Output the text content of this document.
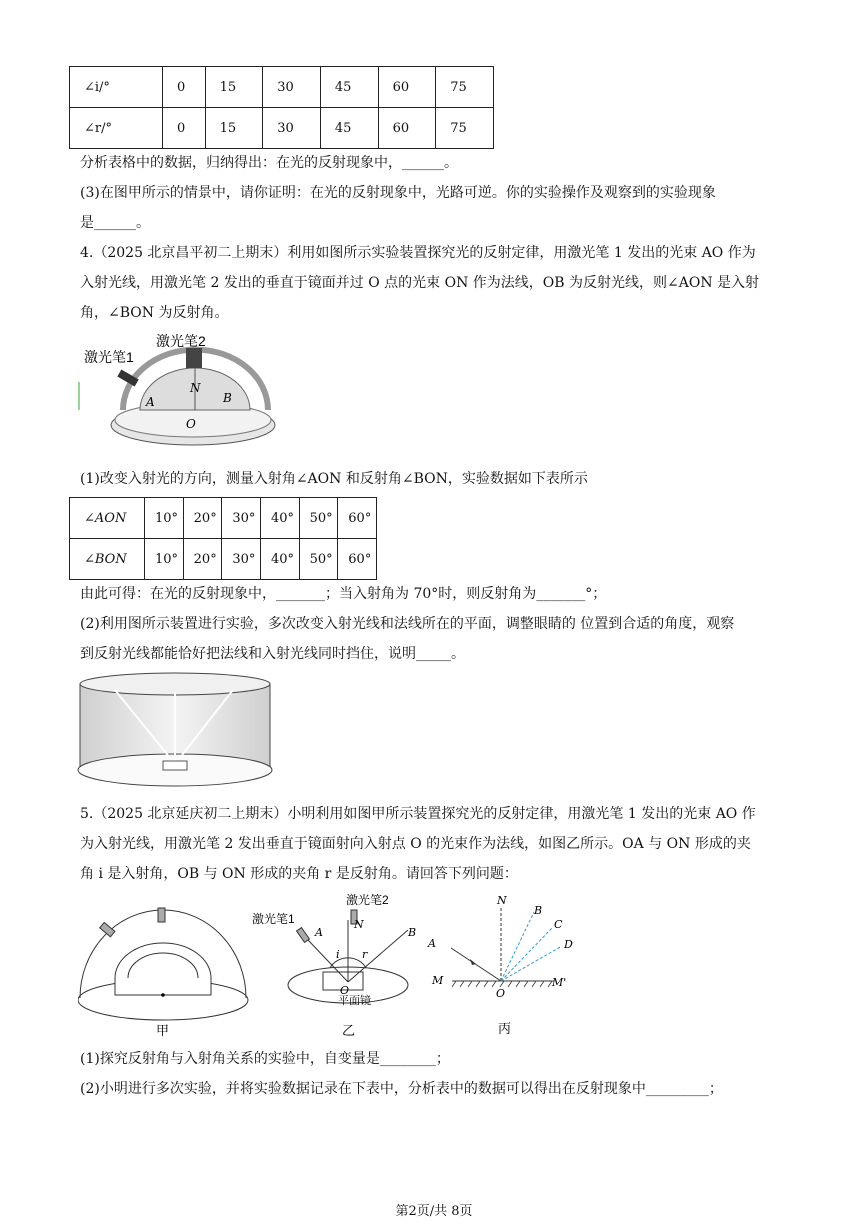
∠i/°	0	15	30	45	60	75
∠r/°	0	15	30	45	60	75
分析表格中的数据，归纳得出：在光的反射现象中，______。
(3)在图甲所示的情景中，请你证明：在光的反射现象中，光路可逆。你的实验操作及观察到的实验现象
是______。
4.（2025 北京昌平初二上期末）利用如图所示实验装置探究光的反射定律，用激光笔 1 发出的光束 AO 作为
入射光线，用激光笔 2 发出的垂直于镜面并过 O 点的光束 ON 作为法线，OB 为反射光线，则∠AON 是入射
角，∠BON 为反射角。
激光笔1
激光笔2
N
A	B
O
(1)改变入射光的方向，测量入射角∠AON 和反射角∠BON，实验数据如下表所示
∠AON	10°	20°	30°	40°	50°	60°
∠BON	10°	20°	30°	40°	50°	60°
由此可得：在光的反射现象中，_______；当入射角为 70°时，则反射角为_______°；
(2)利用图所示装置进行实验，多次改变入射光线和法线所在的平面，调整眼睛的 位置到合适的角度，观察
到反射光线都能恰好把法线和入射光线同时挡住，说明_____。
5.（2025 北京延庆初二上期末）小明利用如图甲所示装置探究光的反射定律，用激光笔 1 发出的光束 AO 作
为入射光线，用激光笔 2 发出垂直于镜面射向入射点 O 的光束作为法线，如图乙所示。OA 与 ON 形成的夹
角 i 是入射角，OB 与 ON 形成的夹角 r 是反射角。请回答下列问题：
甲
激光笔1
激光笔2
N
A	B
i r
O
平面镜
乙
N
B
C
D
A
M	M'
O
丙
(1)探究反射角与入射角关系的实验中，自变量是________；
(2)小明进行多次实验，并将实验数据记录在下表中，分析表中的数据可以得出在反射现象中_________；
第2页/共 8页
